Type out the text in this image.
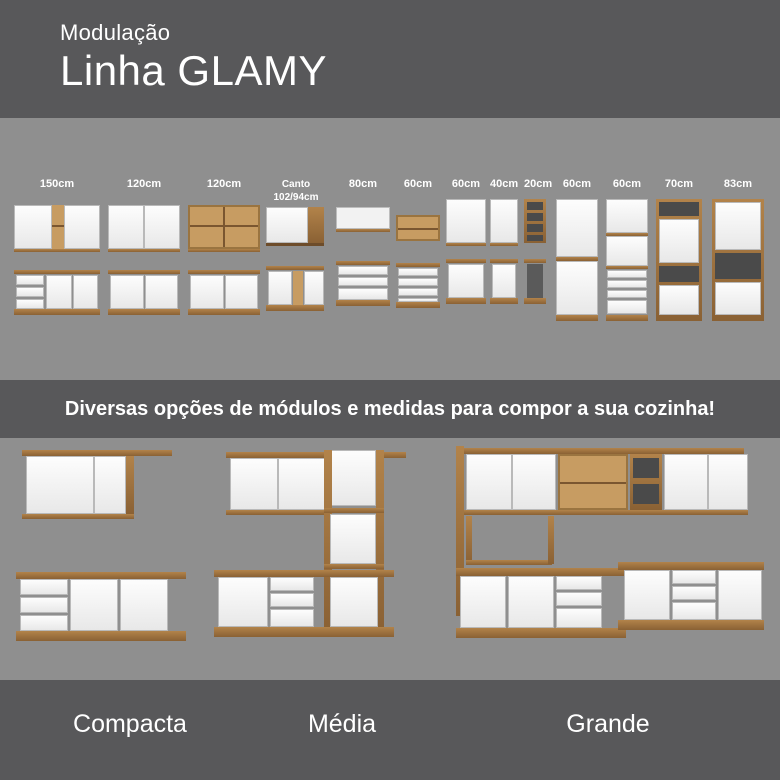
Modulação
Linha GLAMY
150cm	120cm	120cm	Canto
102/94cm
80cm	60cm	60cm 40cm 20cm 60cm	60cm	70cm	83cm
Diversas opções de módulos e medidas para compor a sua cozinha!
Compacta	Média	Grande
